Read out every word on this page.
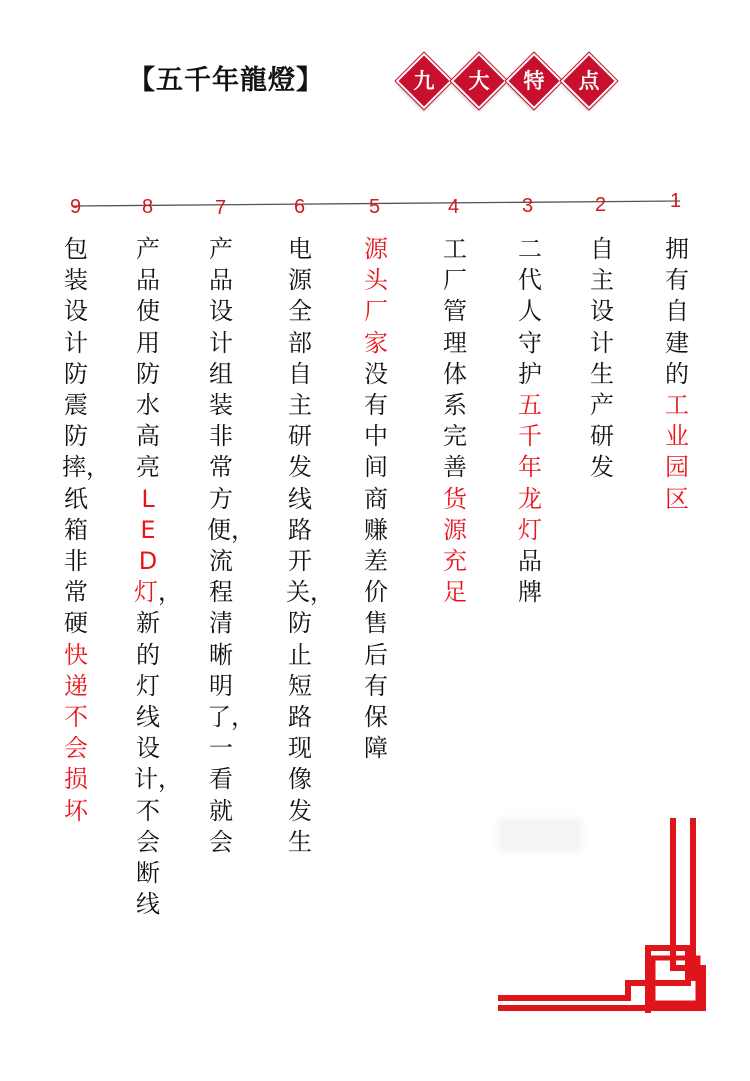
【五千年龍燈】	九	大	特	点
1
拥有自建的工业园区
2
自主设计生产研发
3
二代人守护五千年龙灯品牌
4
工厂管理体系完善货源充足
5
源头厂家没有中间商赚差价售后有保障
6
电源全部自主研发线路开关，防止短路现像发生
7
产品设计组装非常方便，流程清晰明了，一看就会
8
产品使用防水高亮LED灯，新的灯线设计，不会断线
9
包装设计防震防摔，纸箱非常硬快递不会损坏
